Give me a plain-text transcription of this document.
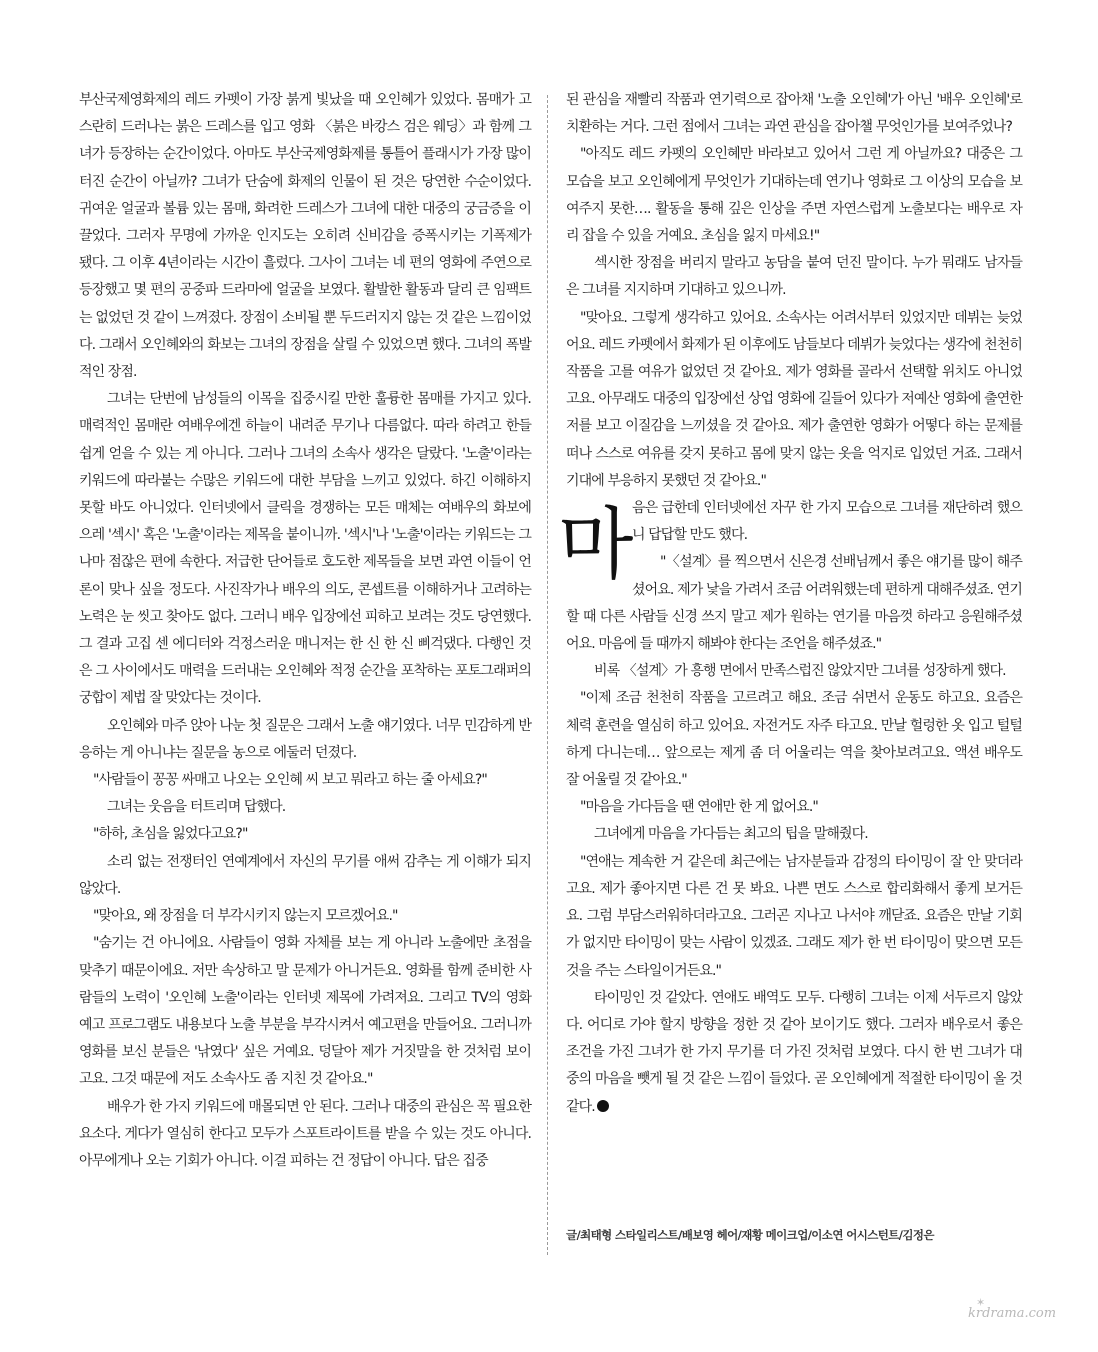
부산국제영화제의 레드 카펫이 가장 붉게 빛났을 때 오인혜가 있었다. 몸매가 고스란히 드러나는 붉은 드레스를 입고 영화 〈붉은 바캉스 검은 웨딩〉과 함께 그녀가 등장하는 순간이었다. 아마도 부산국제영화제를 통틀어 플래시가 가장 많이 터진 순간이 아닐까? 그녀가 단숨에 화제의 인물이 된 것은 당연한 수순이었다. 귀여운 얼굴과 볼륨 있는 몸매, 화려한 드레스가 그녀에 대한 대중의 궁금증을 이끌었다. 그러자 무명에 가까운 인지도는 오히려 신비감을 증폭시키는 기폭제가 됐다. 그 이후 4년이라는 시간이 흘렀다. 그사이 그녀는 네 편의 영화에 주연으로 등장했고 몇 편의 공중파 드라마에 얼굴을 보였다. 활발한 활동과 달리 큰 임팩트는 없었던 것 같이 느껴졌다. 장점이 소비될 뿐 두드러지지 않는 것 같은 느낌이었다. 그래서 오인혜와의 화보는 그녀의 장점을 살릴 수 있었으면 했다. 그녀의 폭발적인 장점.

그녀는 단번에 남성들의 이목을 집중시킬 만한 훌륭한 몸매를 가지고 있다. 매력적인 몸매란 여배우에겐 하늘이 내려준 무기나 다름없다. 따라 하려고 한들 쉽게 얻을 수 있는 게 아니다. 그러나 그녀의 소속사 생각은 달랐다. '노출'이라는 키워드에 따라붙는 수많은 키워드에 대한 부담을 느끼고 있었다. 하긴 이해하지 못할 바도 아니었다. 인터넷에서 클릭을 경쟁하는 모든 매체는 여배우의 화보에 으레 '섹시' 혹은 '노출'이라는 제목을 붙이니까. '섹시'나 '노출'이라는 키워드는 그나마 점잖은 편에 속한다. 저급한 단어들로 호도한 제목들을 보면 과연 이들이 언론이 맞나 싶을 정도다. 사진작가나 배우의 의도, 콘셉트를 이해하거나 고려하는 노력은 눈 씻고 찾아도 없다. 그러니 배우 입장에선 피하고 보려는 것도 당연했다. 그 결과 고집 센 에디터와 걱정스러운 매니저는 한 신 한 신 삐걱댔다. 다행인 것은 그 사이에서도 매력을 드러내는 오인혜와 적정 순간을 포착하는 포토그래퍼의 궁합이 제법 잘 맞았다는 것이다.

오인혜와 마주 앉아 나눈 첫 질문은 그래서 노출 얘기였다. 너무 민감하게 반응하는 게 아니냐는 질문을 농으로 에둘러 던졌다.

"사람들이 꽁꽁 싸매고 나오는 오인혜 씨 보고 뭐라고 하는 줄 아세요?"

그녀는 웃음을 터트리며 답했다.

"하하, 초심을 잃었다고요?"

소리 없는 전쟁터인 연예계에서 자신의 무기를 애써 감추는 게 이해가 되지 않았다.

"맞아요, 왜 장점을 더 부각시키지 않는지 모르겠어요."

"숨기는 건 아니에요. 사람들이 영화 자체를 보는 게 아니라 노출에만 초점을 맞추기 때문이에요. 저만 속상하고 말 문제가 아니거든요. 영화를 함께 준비한 사람들의 노력이 '오인혜 노출'이라는 인터넷 제목에 가려져요. 그리고 TV의 영화 예고 프로그램도 내용보다 노출 부분을 부각시켜서 예고편을 만들어요. 그러니까 영화를 보신 분들은 '낚였다' 싶은 거예요. 덩달아 제가 거짓말을 한 것처럼 보이고요. 그것 때문에 저도 소속사도 좀 지친 것 같아요."

배우가 한 가지 키워드에 매몰되면 안 된다. 그러나 대중의 관심은 꼭 필요한 요소다. 게다가 열심히 한다고 모두가 스포트라이트를 받을 수 있는 것도 아니다. 아무에게나 오는 기회가 아니다. 이걸 피하는 건 정답이 아니다. 답은 집중

된 관심을 재빨리 작품과 연기력으로 잡아채 '노출 오인혜'가 아닌 '배우 오인혜'로 치환하는 거다. 그런 점에서 그녀는 과연 관심을 잡아챌 무엇인가를 보여주었나?

"아직도 레드 카펫의 오인혜만 바라보고 있어서 그런 게 아닐까요? 대중은 그 모습을 보고 오인혜에게 무엇인가 기대하는데 연기나 영화로 그 이상의 모습을 보여주지 못한…. 활동을 통해 깊은 인상을 주면 자연스럽게 노출보다는 배우로 자리 잡을 수 있을 거예요. 초심을 잃지 마세요!"

섹시한 장점을 버리지 말라고 농담을 붙여 던진 말이다. 누가 뭐래도 남자들은 그녀를 지지하며 기대하고 있으니까.

"맞아요. 그렇게 생각하고 있어요. 소속사는 어려서부터 있었지만 데뷔는 늦었어요. 레드 카펫에서 화제가 된 이후에도 남들보다 데뷔가 늦었다는 생각에 천천히 작품을 고를 여유가 없었던 것 같아요. 제가 영화를 골라서 선택할 위치도 아니었고요. 아무래도 대중의 입장에선 상업 영화에 길들어 있다가 저예산 영화에 출연한 저를 보고 이질감을 느끼셨을 것 같아요. 제가 출연한 영화가 어떻다 하는 문제를 떠나 스스로 여유를 갖지 못하고 몸에 맞지 않는 옷을 억지로 입었던 거죠. 그래서 기대에 부응하지 못했던 것 같아요."

마
음은 급한데 인터넷에선 자꾸 한 가지 모습으로 그녀를 재단하려 했으니 답답할 만도 했다.

"〈설계〉를 찍으면서 신은경 선배님께서 좋은 얘기를 많이 해주셨어요. 제가 낯을 가려서 조금 어려워했는데 편하게 대해주셨죠. 연기할 때 다른 사람들 신경 쓰지 말고 제가 원하는 연기를 마음껏 하라고 응원해주셨어요. 마음에 들 때까지 해봐야 한다는 조언을 해주셨죠."

비록 〈설계〉가 흥행 면에서 만족스럽진 않았지만 그녀를 성장하게 했다.

"이제 조금 천천히 작품을 고르려고 해요. 조금 쉬면서 운동도 하고요. 요즘은 체력 훈련을 열심히 하고 있어요. 자전거도 자주 타고요. 만날 헐렁한 옷 입고 털털하게 다니는데… 앞으로는 제게 좀 더 어울리는 역을 찾아보려고요. 액션 배우도 잘 어울릴 것 같아요."

"마음을 가다듬을 땐 연애만 한 게 없어요."

그녀에게 마음을 가다듬는 최고의 팁을 말해줬다.

"연애는 계속한 거 같은데 최근에는 남자분들과 감정의 타이밍이 잘 안 맞더라고요. 제가 좋아지면 다른 건 못 봐요. 나쁜 면도 스스로 합리화해서 좋게 보거든요. 그럼 부담스러워하더라고요. 그러곤 지나고 나서야 깨닫죠. 요즘은 만날 기회가 없지만 타이밍이 맞는 사람이 있겠죠. 그래도 제가 한 번 타이밍이 맞으면 모든 것을 주는 스타일이거든요."

타이밍인 것 같았다. 연애도 배역도 모두. 다행히 그녀는 이제 서두르지 않았다. 어디로 가야 할지 방향을 정한 것 같아 보이기도 했다. 그러자 배우로서 좋은 조건을 가진 그녀가 한 가지 무기를 더 가진 것처럼 보였다. 다시 한 번 그녀가 대중의 마음을 뺏게 될 것 같은 느낌이 들었다. 곧 오인혜에게 적절한 타이밍이 올 것 같다.

글/최태형 스타일리스트/배보영 헤어/재황 메이크업/이소연 어시스턴트/김정은
✶
krdrama.com
